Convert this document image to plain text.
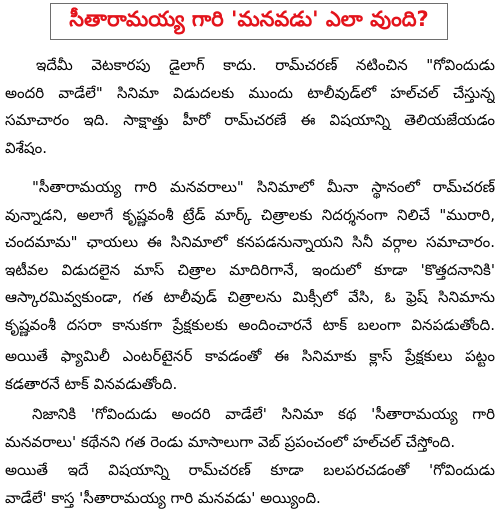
సీతారామయ్య గారి 'మనవడు' ఎలా వుంది?
ఇదేమీ వెటకారపు డైలాగ్ కాదు. రామ్‌చరణ్ నటించిన "గోవిందుడు
అందరి వాడేలే" సినిమా విడుదలకు ముందు టాలీవుడ్‌లో హల్‌చల్ చేస్తున్న
సమాచారం ఇది. సాక్షాత్తు హీరో రామ్‌చరణే ఈ విషయాన్ని తెలియజేయడం
విశేషం.
"సీతారామయ్య గారి మనవరాలు" సినిమాలో మీనా స్థానంలో రామ్‌చరణ్
వున్నాడని, అలాగే కృష్ణవంశీ ట్రేడ్ మార్క్ చిత్రాలకు నిదర్శనంగా నిలిచే "మురారి,
చందమామ" ఛాయలు ఈ సినిమాలో కనపడనున్నాయని సినీ వర్గాల సమాచారం.
ఇటీవల విడుదలైన మాస్ చిత్రాల మాదిరిగానే, ఇందులో కూడా 'కొత్తదనానికి'
ఆస్కారమివ్వకుండా, గత టాలీవుడ్ చిత్రాలను మిక్సీలో వేసి, ఓ ఫ్రెష్ సినిమాను
కృష్ణవంశీ దసరా కానుకగా ప్రేక్షకులకు అందించారనే టాక్ బలంగా వినపడుతోంది.
అయితే ఫ్యామిలీ ఎంటర్‌టైనర్ కావడంతో ఈ సినిమాకు క్లాస్ ప్రేక్షకులు పట్టం
కడతారనే టాక్ వినవడుతోంది.
నిజానికి 'గోవిందుడు అందరి వాడేలే' సినిమా కథ 'సీతారామయ్య గారి
మనవరాలు' కథేనని గత రెండు మాసాలుగా వెబ్ ప్రపంచంలో హల్‌చల్ చేస్తోంది.
అయితే ఇదే విషయాన్ని రామ్‌చరణ్ కూడా బలపరచడంతో 'గోవిందుడు
వాడేలే' కాస్త 'సీతారామయ్య గారి మనవడు' అయ్యింది.
